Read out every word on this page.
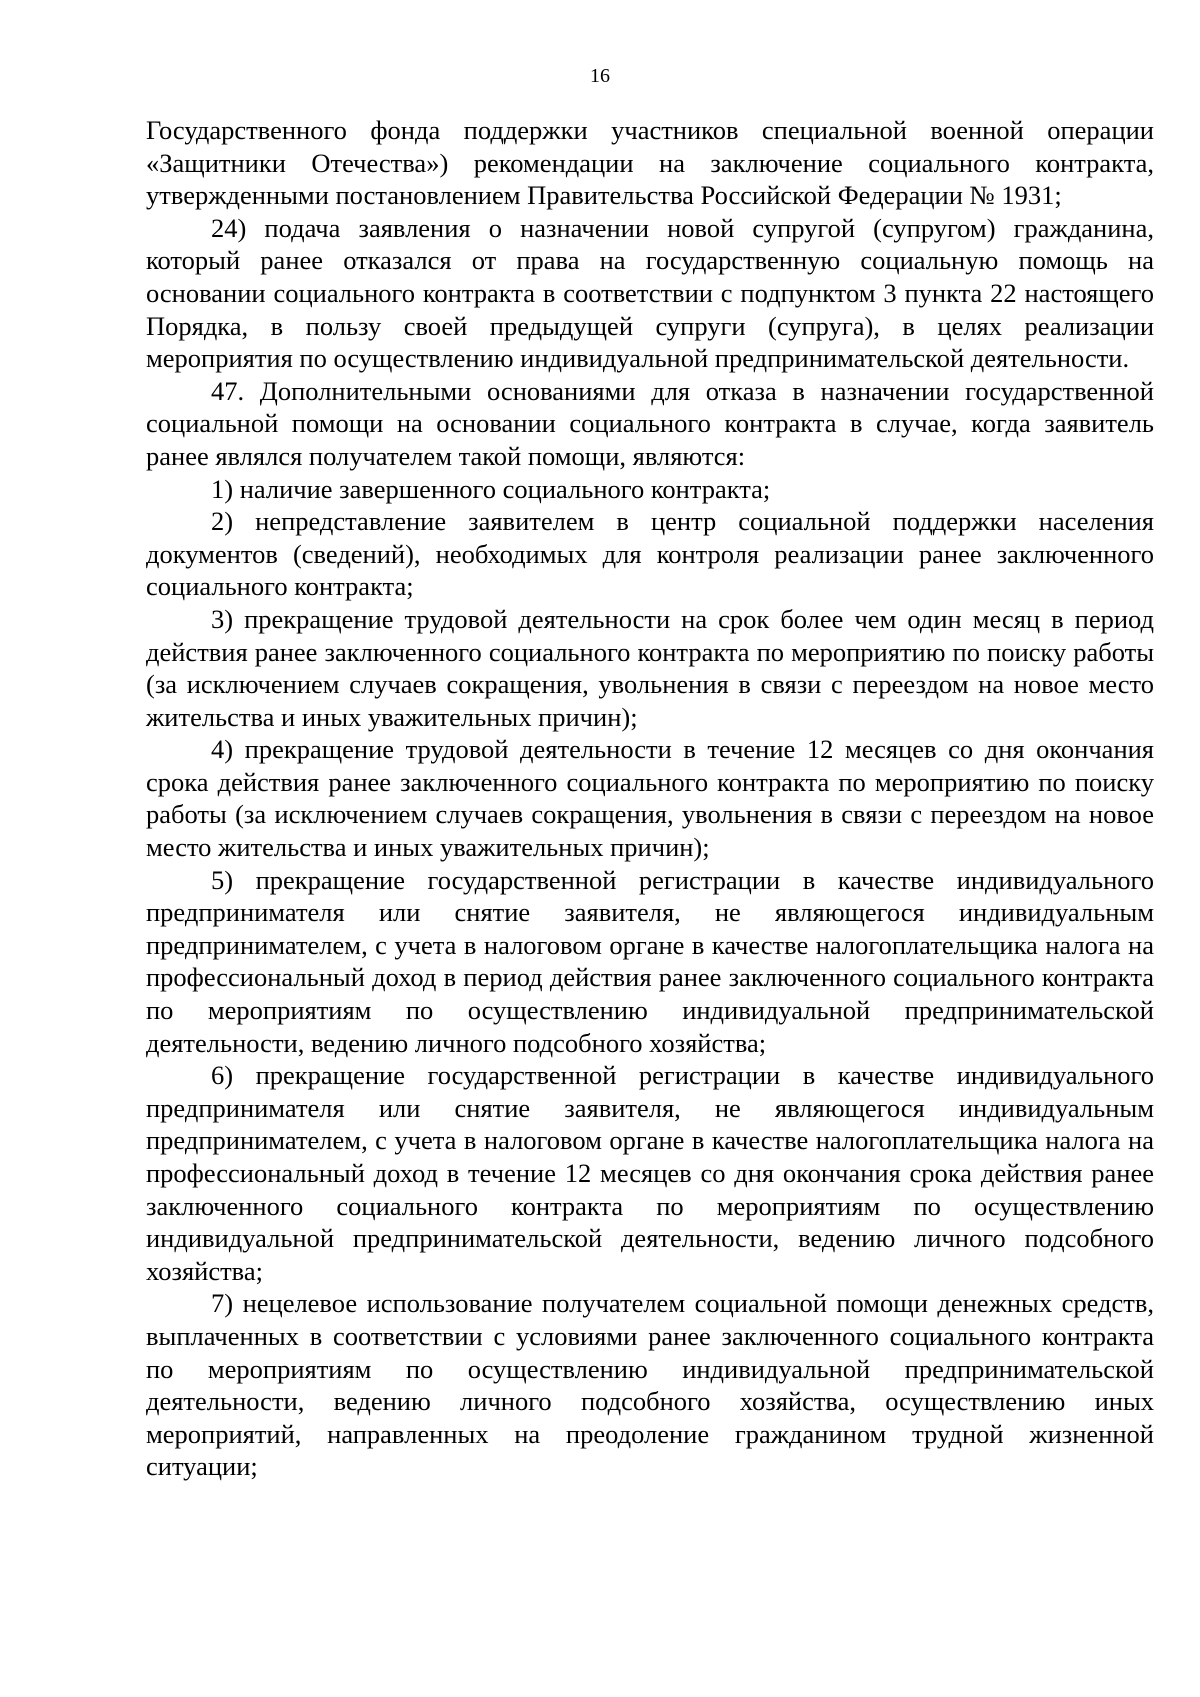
16

Государственного фонда поддержки участников специальной военной операции «Защитники Отечества») рекомендации на заключение социального контракта, утвержденными постановлением Правительства Российской Федерации № 1931;

24) подача заявления о назначении новой супругой (супругом) гражданина, который ранее отказался от права на государственную социальную помощь на основании социального контракта в соответствии с подпунктом 3 пункта 22 настоящего Порядка, в пользу своей предыдущей супруги (супруга), в целях реализации мероприятия по осуществлению индивидуальной предпринимательской деятельности.

47. Дополнительными основаниями для отказа в назначении государственной социальной помощи на основании социального контракта в случае, когда заявитель ранее являлся получателем такой помощи, являются:

1) наличие завершенного социального контракта;

2) непредставление заявителем в центр социальной поддержки населения документов (сведений), необходимых для контроля реализации ранее заключенного социального контракта;

3) прекращение трудовой деятельности на срок более чем один месяц в период действия ранее заключенного социального контракта по мероприятию по поиску работы (за исключением случаев сокращения, увольнения в связи с переездом на новое место жительства и иных уважительных причин);

4) прекращение трудовой деятельности в течение 12 месяцев со дня окончания срока действия ранее заключенного социального контракта по мероприятию по поиску работы (за исключением случаев сокращения, увольнения в связи с переездом на новое место жительства и иных уважительных причин);

5) прекращение государственной регистрации в качестве индивидуального предпринимателя или снятие заявителя, не являющегося индивидуальным предпринимателем, с учета в налоговом органе в качестве налогоплательщика налога на профессиональный доход в период действия ранее заключенного социального контракта по мероприятиям по осуществлению индивидуальной предпринимательской деятельности, ведению личного подсобного хозяйства;

6) прекращение государственной регистрации в качестве индивидуального предпринимателя или снятие заявителя, не являющегося индивидуальным предпринимателем, с учета в налоговом органе в качестве налогоплательщика налога на профессиональный доход в течение 12 месяцев со дня окончания срока действия ранее заключенного социального контракта по мероприятиям по осуществлению индивидуальной предпринимательской деятельности, ведению личного подсобного хозяйства;

7) нецелевое использование получателем социальной помощи денежных средств, выплаченных в соответствии с условиями ранее заключенного социального контракта по мероприятиям по осуществлению индивидуальной предпринимательской деятельности, ведению личного подсобного хозяйства, осуществлению иных мероприятий, направленных на преодоление гражданином трудной жизненной ситуации;
